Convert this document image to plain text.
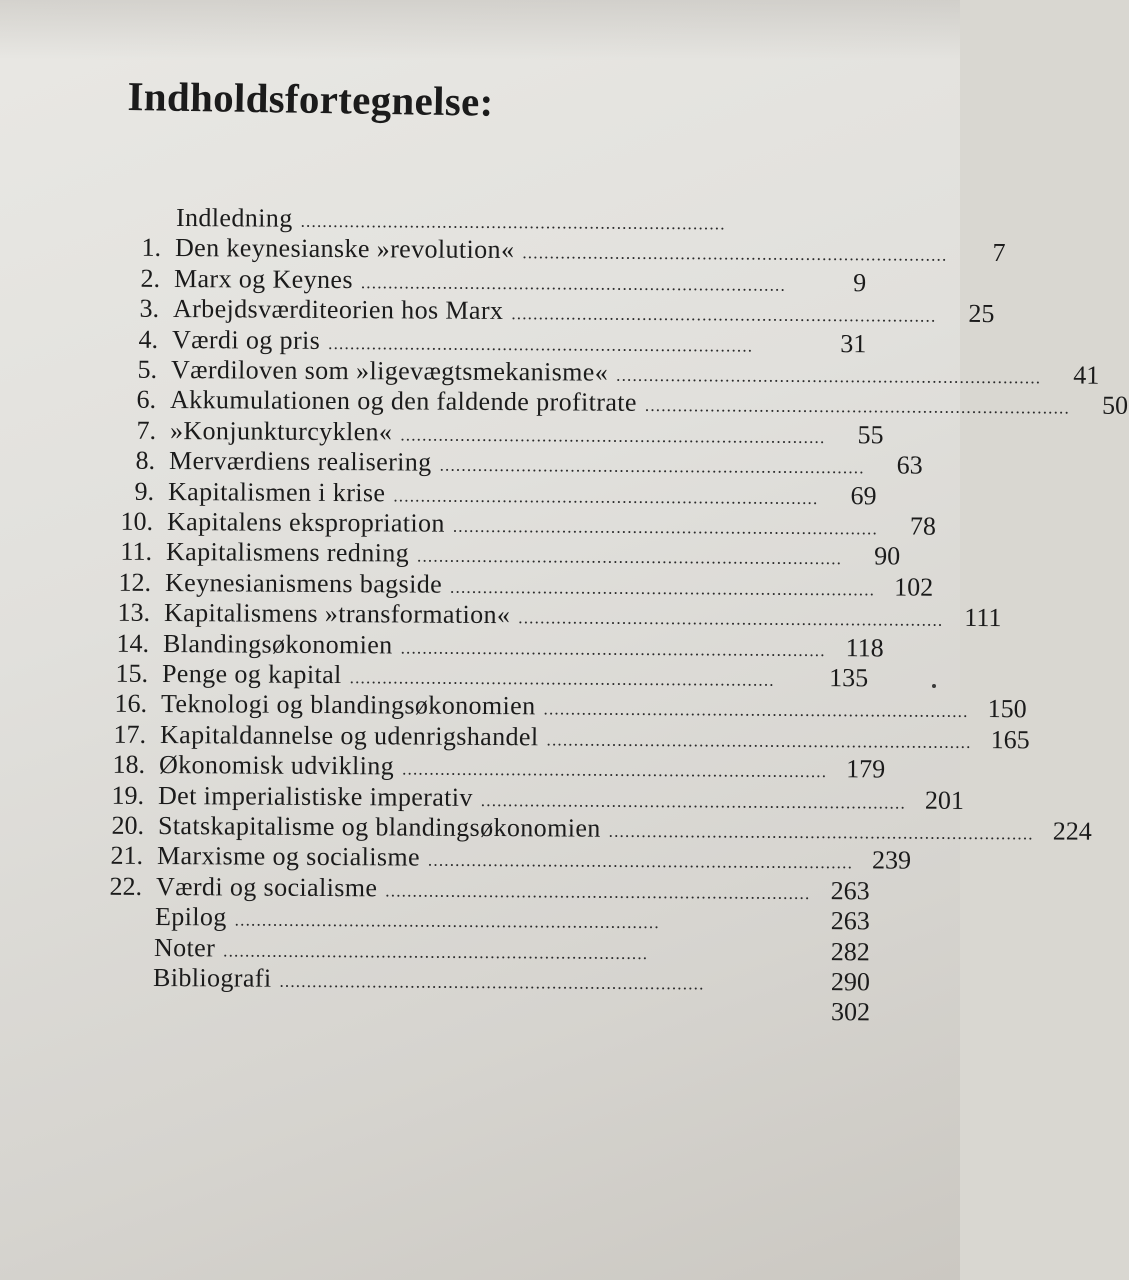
Indholdsfortegnelse:
Indledning ..............................................................................
1. Den keynesianske »revolution« ..............................................................................	7
2. Marx og Keynes ..............................................................................	9
3. Arbejdsværditeorien hos Marx ..............................................................................	25
4. Værdi og pris ..............................................................................	31
5. Værdiloven som »ligevægtsmekanisme« ..............................................................................	41
6. Akkumulationen og den faldende profitrate ..............................................................................	50
7. »Konjunkturcyklen« ..............................................................................	55
8. Merværdiens realisering ..............................................................................	63
9. Kapitalismen i krise ..............................................................................	69
10. Kapitalens ekspropriation ..............................................................................	78
11. Kapitalismens redning ..............................................................................	90
12. Keynesianismens bagside .............................................................................. 102
13. Kapitalismens »transformation« .............................................................................. 111
14. Blandingsøkonomien .............................................................................. 118
15. Penge og kapital ..............................................................................	135
16. Teknologi og blandingsøkonomien .............................................................................. 150
17. Kapitaldannelse og udenrigshandel .............................................................................. 165
18. Økonomisk udvikling .............................................................................. 179
19. Det imperialistiske imperativ .............................................................................. 201
20. Statskapitalisme og blandingsøkonomien .............................................................................. 224
21. Marxisme og socialisme .............................................................................. 239
22. Værdi og socialisme .............................................................................. 263
Epilog ..............................................................................	263
Noter ..............................................................................	282
Bibliografi ..............................................................................	290
302
